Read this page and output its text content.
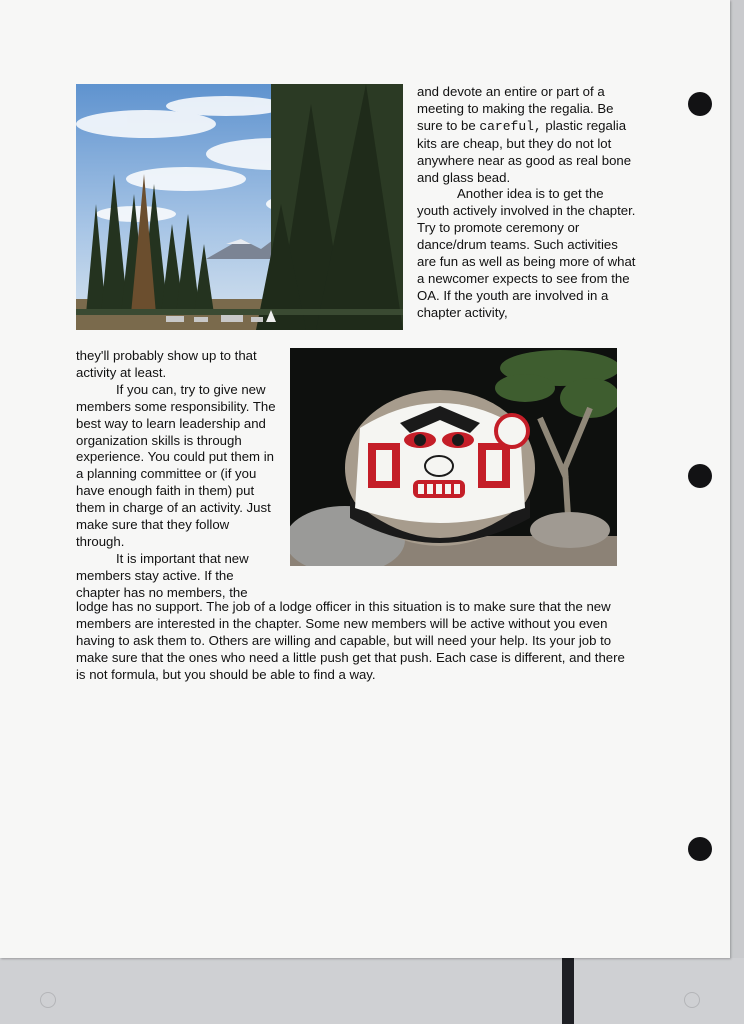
and devote an entire or part of a meeting to making the regalia. Be sure to be careful, plastic regalia kits are cheap, but they do not lot anywhere near as good as real bone and glass bead.

Another idea is to get the youth actively involved in the chapter. Try to promote ceremony or dance/drum teams. Such activities are fun as well as being more of what a newcomer expects to see from the OA. If the youth are involved in a chapter activity,

they'll probably show up to that activity at least.

If you can, try to give new members some responsibility. The best way to learn leadership and organization skills is through experience. You could put them in a planning committee or (if you have enough faith in them) put them in charge of an activity. Just make sure that they follow through.

It is important that new members stay active. If the chapter has no members, the

lodge has no support. The job of a lodge officer in this situation is to make sure that the new members are interested in the chapter. Some new members will be active without you even having to ask them to. Others are willing and capable, but will need your help. Its your job to make sure that the ones who need a little push get that push. Each case is different, and there is not formula, but you should be able to find a way.
